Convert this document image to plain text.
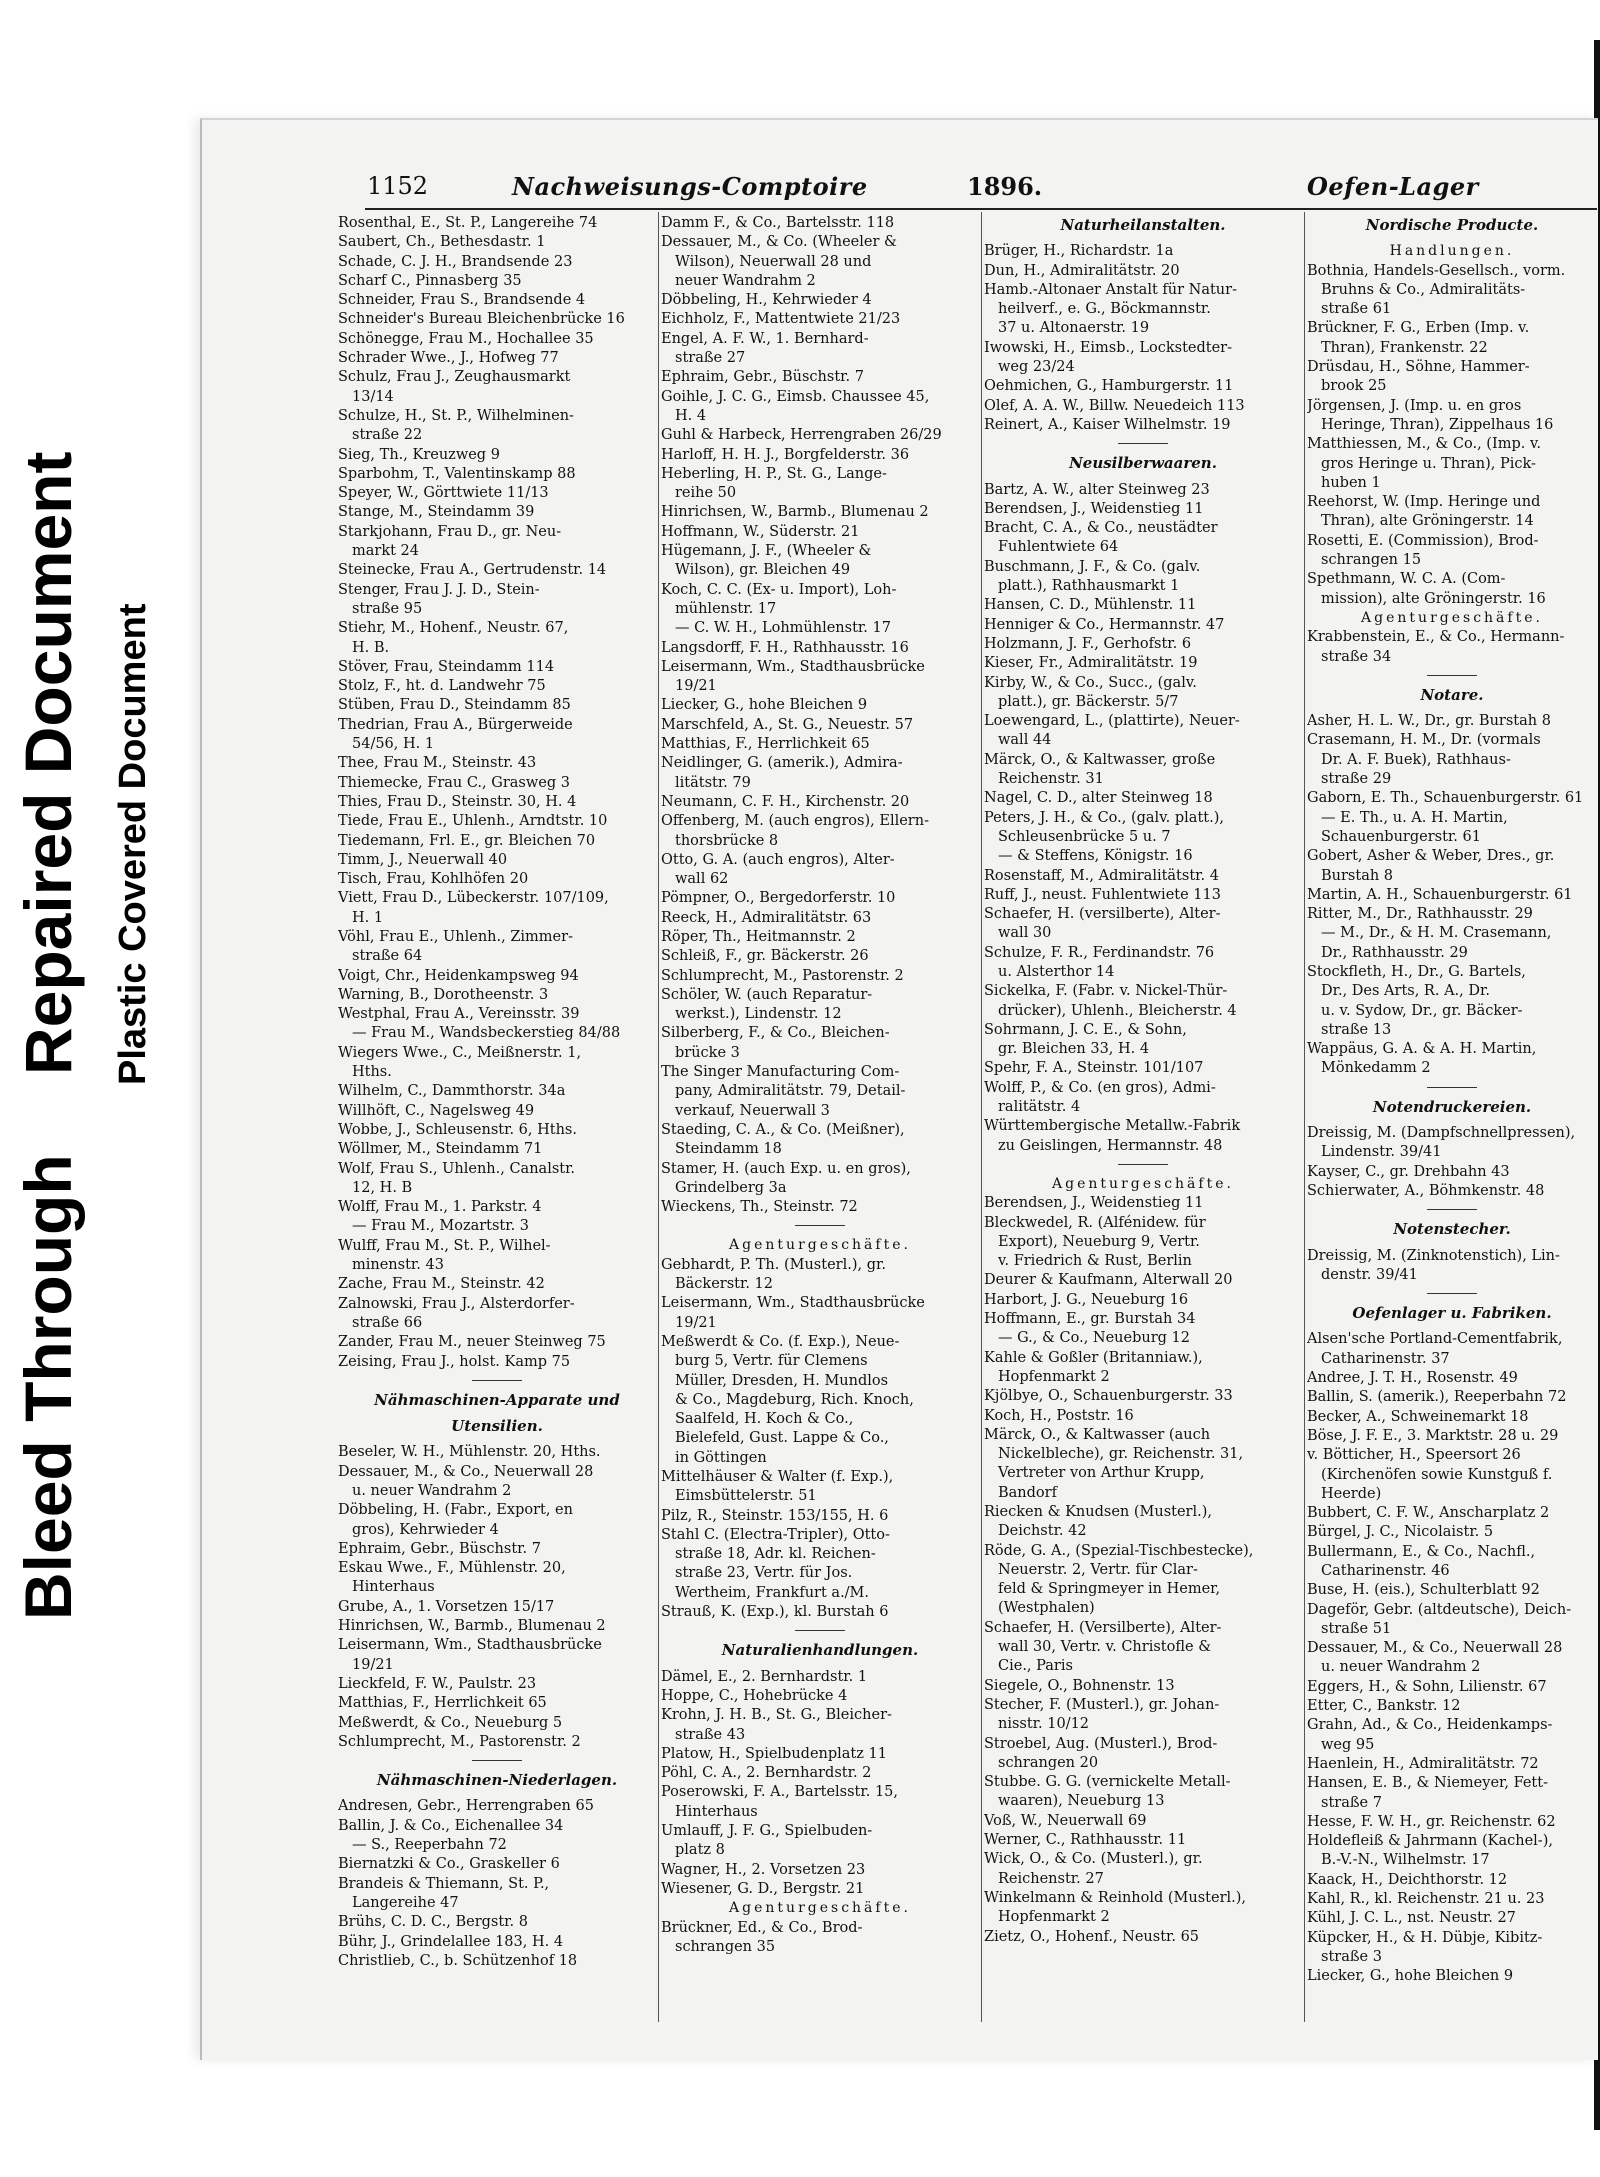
Bleed Through
Repaired Document Plastic Covered Document
1152	Nachweisungs-Comptoire	1896.	Oefen-Lager
Rosenthal, E., St. P., Langereihe 74
Saubert, Ch., Bethesdastr. 1
Schade, C. J. H., Brandsende 23
Scharf C., Pinnasberg 35
Schneider, Frau S., Brandsende 4
Schneider's Bureau Bleichenbrücke 16
Schönegge, Frau M., Hochallee 35
Schrader Wwe., J., Hofweg 77
Schulz, Frau J., Zeughausmarkt
13/14
Schulze, H., St. P., Wilhelminen-
straße 22
Sieg, Th., Kreuzweg 9
Sparbohm, T., Valentinskamp 88
Speyer, W., Görttwiete 11/13
Stange, M., Steindamm 39
Starkjohann, Frau D., gr. Neu-
markt 24
Steinecke, Frau A., Gertrudenstr. 14
Stenger, Frau J. J. D., Stein-
straße 95
Stiehr, M., Hohenf., Neustr. 67,
H. B.
Stöver, Frau, Steindamm 114
Stolz, F., ht. d. Landwehr 75
Stüben, Frau D., Steindamm 85
Thedrian, Frau A., Bürgerweide
54/56, H. 1
Thee, Frau M., Steinstr. 43
Thiemecke, Frau C., Grasweg 3
Thies, Frau D., Steinstr. 30, H. 4
Tiede, Frau E., Uhlenh., Arndtstr. 10
Tiedemann, Frl. E., gr. Bleichen 70
Timm, J., Neuerwall 40
Tisch, Frau, Kohlhöfen 20
Viett, Frau D., Lübeckerstr. 107/109,
H. 1
Vöhl, Frau E., Uhlenh., Zimmer-
straße 64
Voigt, Chr., Heidenkampsweg 94
Warning, B., Dorotheenstr. 3
Westphal, Frau A., Vereinsstr. 39
— Frau M., Wandsbeckerstieg 84/88
Wiegers Wwe., C., Meißnerstr. 1,
Hths.
Wilhelm, C., Dammthorstr. 34a
Willhöft, C., Nagelsweg 49
Wobbe, J., Schleusenstr. 6, Hths.
Wöllmer, M., Steindamm 71
Wolf, Frau S., Uhlenh., Canalstr.
12, H. B
Wolff, Frau M., 1. Parkstr. 4
— Frau M., Mozartstr. 3
Wulff, Frau M., St. P., Wilhel-
minenstr. 43
Zache, Frau M., Steinstr. 42
Zalnowski, Frau J., Alsterdorfer-
straße 66
Zander, Frau M., neuer Steinweg 75
Zeising, Frau J., holst. Kamp 75
Nähmaschinen-Apparate und
Utensilien.
Beseler, W. H., Mühlenstr. 20, Hths.
Dessauer, M., & Co., Neuerwall 28
u. neuer Wandrahm 2
Döbbeling, H. (Fabr., Export, en
gros), Kehrwieder 4
Ephraim, Gebr., Büschstr. 7
Eskau Wwe., F., Mühlenstr. 20,
Hinterhaus
Grube, A., 1. Vorsetzen 15/17
Hinrichsen, W., Barmb., Blumenau 2
Leisermann, Wm., Stadthausbrücke
19/21
Lieckfeld, F. W., Paulstr. 23
Matthias, F., Herrlichkeit 65
Meßwerdt, & Co., Neueburg 5
Schlumprecht, M., Pastorenstr. 2
Nähmaschinen-Niederlagen.
Andresen, Gebr., Herrengraben 65
Ballin, J. & Co., Eichenallee 34
— S., Reeperbahn 72
Biernatzki & Co., Graskeller 6
Brandeis & Thiemann, St. P.,
Langereihe 47
Brühs, C. D. C., Bergstr. 8
Bühr, J., Grindelallee 183, H. 4
Christlieb, C., b. Schützenhof 18
Damm F., & Co., Bartelsstr. 118
Dessauer, M., & Co. (Wheeler &
Wilson), Neuerwall 28 und
neuer Wandrahm 2
Döbbeling, H., Kehrwieder 4
Eichholz, F., Mattentwiete 21/23
Engel, A. F. W., 1. Bernhard-
straße 27
Ephraim, Gebr., Büschstr. 7
Goihle, J. C. G., Eimsb. Chaussee 45,
H. 4
Guhl & Harbeck, Herrengraben 26/29
Harloff, H. H. J., Borgfelderstr. 36
Heberling, H. P., St. G., Lange-
reihe 50
Hinrichsen, W., Barmb., Blumenau 2
Hoffmann, W., Süderstr. 21
Hügemann, J. F., (Wheeler &
Wilson), gr. Bleichen 49
Koch, C. C. (Ex- u. Import), Loh-
mühlenstr. 17
— C. W. H., Lohmühlenstr. 17
Langsdorff, F. H., Rathhausstr. 16
Leisermann, Wm., Stadthausbrücke
19/21
Liecker, G., hohe Bleichen 9
Marschfeld, A., St. G., Neuestr. 57
Matthias, F., Herrlichkeit 65
Neidlinger, G. (amerik.), Admira-
litätstr. 79
Neumann, C. F. H., Kirchenstr. 20
Offenberg, M. (auch engros), Ellern-
thorsbrücke 8
Otto, G. A. (auch engros), Alter-
wall 62
Pömpner, O., Bergedorferstr. 10
Reeck, H., Admiralitätstr. 63
Röper, Th., Heitmannstr. 2
Schleiß, F., gr. Bäckerstr. 26
Schlumprecht, M., Pastorenstr. 2
Schöler, W. (auch Reparatur-
werkst.), Lindenstr. 12
Silberberg, F., & Co., Bleichen-
brücke 3
The Singer Manufacturing Com-
pany, Admiralitätstr. 79, Detail-
verkauf, Neuerwall 3
Staeding, C. A., & Co. (Meißner),
Steindamm 18
Stamer, H. (auch Exp. u. en gros),
Grindelberg 3a
Wieckens, Th., Steinstr. 72
Agenturgeschäfte.
Gebhardt, P. Th. (Musterl.), gr.
Bäckerstr. 12
Leisermann, Wm., Stadthausbrücke
19/21
Meßwerdt & Co. (f. Exp.), Neue-
burg 5, Vertr. für Clemens
Müller, Dresden, H. Mundlos
& Co., Magdeburg, Rich. Knoch,
Saalfeld, H. Koch & Co.,
Bielefeld, Gust. Lappe & Co.,
in Göttingen
Mittelhäuser & Walter (f. Exp.),
Eimsbüttelerstr. 51
Pilz, R., Steinstr. 153/155, H. 6
Stahl C. (Electra-Tripler), Otto-
straße 18, Adr. kl. Reichen-
straße 23, Vertr. für Jos.
Wertheim, Frankfurt a./M.
Strauß, K. (Exp.), kl. Burstah 6
Naturalienhandlungen.
Dämel, E., 2. Bernhardstr. 1
Hoppe, C., Hohebrücke 4
Krohn, J. H. B., St. G., Bleicher-
straße 43
Platow, H., Spielbudenplatz 11
Pöhl, C. A., 2. Bernhardstr. 2
Poserowski, F. A., Bartelsstr. 15,
Hinterhaus
Umlauff, J. F. G., Spielbuden-
platz 8
Wagner, H., 2. Vorsetzen 23
Wiesener, G. D., Bergstr. 21
Agenturgeschäfte.
Brückner, Ed., & Co., Brod-
schrangen 35
Naturheilanstalten.
Brüger, H., Richardstr. 1a
Dun, H., Admiralitätstr. 20
Hamb.-Altonaer Anstalt für Natur-
heilverf., e. G., Böckmannstr.
37 u. Altonaerstr. 19
Iwowski, H., Eimsb., Lockstedter-
weg 23/24
Oehmichen, G., Hamburgerstr. 11
Olef, A. A. W., Billw. Neuedeich 113
Reinert, A., Kaiser Wilhelmstr. 19
Neusilberwaaren.
Bartz, A. W., alter Steinweg 23
Berendsen, J., Weidenstieg 11
Bracht, C. A., & Co., neustädter
Fuhlentwiete 64
Buschmann, J. F., & Co. (galv.
platt.), Rathhausmarkt 1
Hansen, C. D., Mühlenstr. 11
Henniger & Co., Hermannstr. 47
Holzmann, J. F., Gerhofstr. 6
Kieser, Fr., Admiralitätstr. 19
Kirby, W., & Co., Succ., (galv.
platt.), gr. Bäckerstr. 5/7
Loewengard, L., (plattirte), Neuer-
wall 44
Märck, O., & Kaltwasser, große
Reichenstr. 31
Nagel, C. D., alter Steinweg 18
Peters, J. H., & Co., (galv. platt.),
Schleusenbrücke 5 u. 7
— & Steffens, Königstr. 16
Rosenstaff, M., Admiralitätstr. 4
Ruff, J., neust. Fuhlentwiete 113
Schaefer, H. (versilberte), Alter-
wall 30
Schulze, F. R., Ferdinandstr. 76
u. Alsterthor 14
Sickelka, F. (Fabr. v. Nickel-Thür-
drücker), Uhlenh., Bleicherstr. 4
Sohrmann, J. C. E., & Sohn,
gr. Bleichen 33, H. 4
Spehr, F. A., Steinstr. 101/107
Wolff, P., & Co. (en gros), Admi-
ralitätstr. 4
Württembergische Metallw.-Fabrik
zu Geislingen, Hermannstr. 48
Agenturgeschäfte.
Berendsen, J., Weidenstieg 11
Bleckwedel, R. (Alfénidew. für
Export), Neueburg 9, Vertr.
v. Friedrich & Rust, Berlin
Deurer & Kaufmann, Alterwall 20
Harbort, J. G., Neueburg 16
Hoffmann, E., gr. Burstah 34
— G., & Co., Neueburg 12
Kahle & Goßler (Britanniaw.),
Hopfenmarkt 2
Kjölbye, O., Schauenburgerstr. 33
Koch, H., Poststr. 16
Märck, O., & Kaltwasser (auch
Nickelbleche), gr. Reichenstr. 31,
Vertreter von Arthur Krupp,
Bandorf
Riecken & Knudsen (Musterl.),
Deichstr. 42
Röde, G. A., (Spezial-Tischbestecke),
Neuerstr. 2, Vertr. für Clar-
feld & Springmeyer in Hemer,
(Westphalen)
Schaefer, H. (Versilberte), Alter-
wall 30, Vertr. v. Christofle &
Cie., Paris
Siegele, O., Bohnenstr. 13
Stecher, F. (Musterl.), gr. Johan-
nisstr. 10/12
Stroebel, Aug. (Musterl.), Brod-
schrangen 20
Stubbe. G. G. (vernickelte Metall-
waaren), Neueburg 13
Voß, W., Neuerwall 69
Werner, C., Rathhausstr. 11
Wick, O., & Co. (Musterl.), gr.
Reichenstr. 27
Winkelmann & Reinhold (Musterl.),
Hopfenmarkt 2
Zietz, O., Hohenf., Neustr. 65
Nordische Producte.
Handlungen.
Bothnia, Handels-Gesellsch., vorm.
Bruhns & Co., Admiralitäts-
straße 61
Brückner, F. G., Erben (Imp. v.
Thran), Frankenstr. 22
Drüsdau, H., Söhne, Hammer-
brook 25
Jörgensen, J. (Imp. u. en gros
Heringe, Thran), Zippelhaus 16
Matthiessen, M., & Co., (Imp. v.
gros Heringe u. Thran), Pick-
huben 1
Reehorst, W. (Imp. Heringe und
Thran), alte Gröningerstr. 14
Rosetti, E. (Commission), Brod-
schrangen 15
Spethmann, W. C. A. (Com-
mission), alte Gröningerstr. 16
Agenturgeschäfte.
Krabbenstein, E., & Co., Hermann-
straße 34
Notare.
Asher, H. L. W., Dr., gr. Burstah 8
Crasemann, H. M., Dr. (vormals
Dr. A. F. Buek), Rathhaus-
straße 29
Gaborn, E. Th., Schauenburgerstr. 61
— E. Th., u. A. H. Martin,
Schauenburgerstr. 61
Gobert, Asher & Weber, Dres., gr.
Burstah 8
Martin, A. H., Schauenburgerstr. 61
Ritter, M., Dr., Rathhausstr. 29
— M., Dr., & H. M. Crasemann,
Dr., Rathhausstr. 29
Stockfleth, H., Dr., G. Bartels,
Dr., Des Arts, R. A., Dr.
u. v. Sydow, Dr., gr. Bäcker-
straße 13
Wappäus, G. A. & A. H. Martin,
Mönkedamm 2
Notendruckereien.
Dreissig, M. (Dampfschnellpressen),
Lindenstr. 39/41
Kayser, C., gr. Drehbahn 43
Schierwater, A., Böhmkenstr. 48
Notenstecher.
Dreissig, M. (Zinknotenstich), Lin-
denstr. 39/41
Oefenlager u. Fabriken.
Alsen'sche Portland-Cementfabrik,
Catharinenstr. 37
Andree, J. T. H., Rosenstr. 49
Ballin, S. (amerik.), Reeperbahn 72
Becker, A., Schweinemarkt 18
Böse, J. F. E., 3. Marktstr. 28 u. 29
v. Bötticher, H., Speersort 26
(Kirchenöfen sowie Kunstguß f.
Heerde)
Bubbert, C. F. W., Anscharplatz 2
Bürgel, J. C., Nicolaistr. 5
Bullermann, E., & Co., Nachfl.,
Catharinenstr. 46
Buse, H. (eis.), Schulterblatt 92
Dageför, Gebr. (altdeutsche), Deich-
straße 51
Dessauer, M., & Co., Neuerwall 28
u. neuer Wandrahm 2
Eggers, H., & Sohn, Lilienstr. 67
Etter, C., Bankstr. 12
Grahn, Ad., & Co., Heidenkamps-
weg 95
Haenlein, H., Admiralitätstr. 72
Hansen, E. B., & Niemeyer, Fett-
straße 7
Hesse, F. W. H., gr. Reichenstr. 62
Holdefleiß & Jahrmann (Kachel-),
B.-V.-N., Wilhelmstr. 17
Kaack, H., Deichthorstr. 12
Kahl, R., kl. Reichenstr. 21 u. 23
Kühl, J. C. L., nst. Neustr. 27
Küpcker, H., & H. Dübje, Kibitz-
straße 3
Liecker, G., hohe Bleichen 9
